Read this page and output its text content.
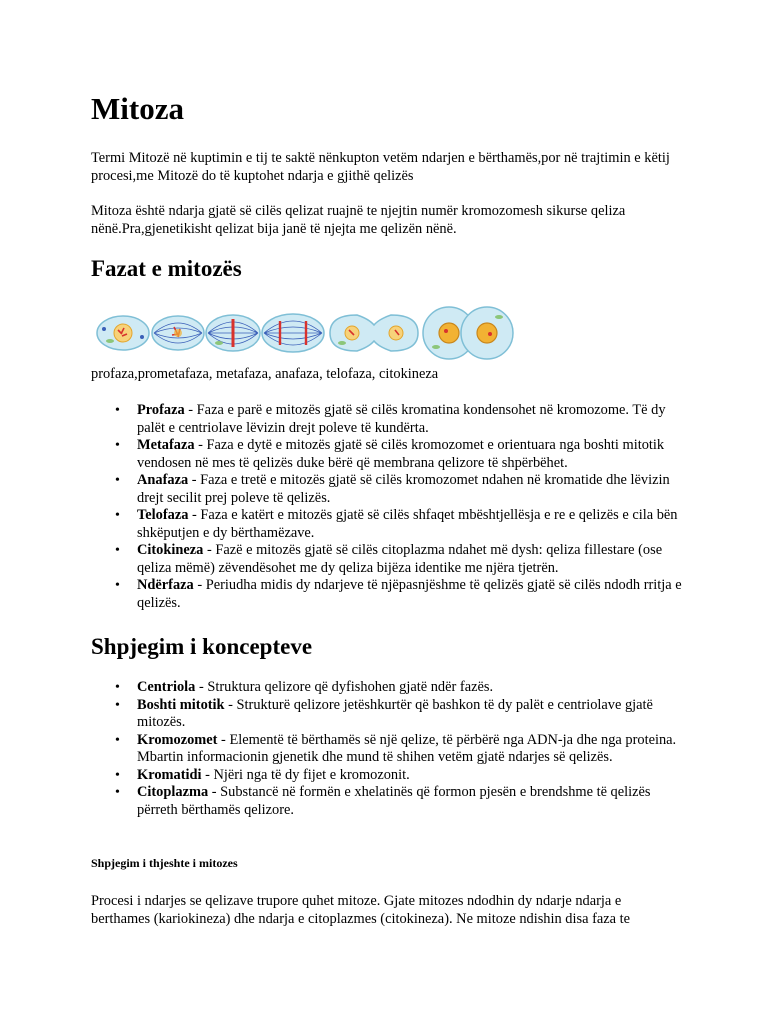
Mitoza

Termi Mitozë në kuptimin e tij te saktë nënkupton vetëm ndarjen e bërthamës,por në trajtimin e këtij procesi,me Mitozë do të kuptohet ndarja e gjithë qelizës

Mitoza është ndarja gjatë së cilës qelizat ruajnë te njejtin numër kromozomesh sikurse qeliza nënë.Pra,gjenetikisht qelizat bija janë të njejta me qelizën nënë.

Fazat e mitozës

profaza,prometafaza, metafaza, anafaza, telofaza, citokineza

• Profaza - Faza e parë e mitozës gjatë së cilës kromatina kondensohet në kromozome. Të dy palët e centriolave lëvizin drejt poleve të kundërta.
• Metafaza - Faza e dytë e mitozës gjatë së cilës kromozomet e orientuara nga boshti mitotik vendosen në mes të qelizës duke bërë që membrana qelizore të shpërbëhet.
• Anafaza - Faza e tretë e mitozës gjatë së cilës kromozomet ndahen në kromatide dhe lëvizin drejt secilit prej poleve të qelizës.
• Telofaza - Faza e katërt e mitozës gjatë së cilës shfaqet mbështjellësja e re e qelizës e cila bën shkëputjen e dy bërthamëzave.
• Citokineza - Fazë e mitozës gjatë së cilës citoplazma ndahet më dysh: qeliza fillestare (ose qeliza mëmë) zëvendësohet me dy qeliza bijëza identike me njëra tjetrën.
• Ndërfaza - Periudha midis dy ndarjeve të njëpasnjëshme të qelizës gjatë së cilës ndodh rritja e qelizës.
Shpjegim i koncepteve
• Centriola - Struktura qelizore që dyfishohen gjatë ndër fazës.
• Boshti mitotik - Strukturë qelizore jetëshkurtër që bashkon të dy palët e centriolave gjatë mitozës.
• Kromozomet - Elementë të bërthamës së një qelize, të përbërë nga ADN-ja dhe nga proteina. Mbartin informacionin gjenetik dhe mund të shihen vetëm gjatë ndarjes së qelizës.
• Kromatidi - Njëri nga të dy fijet e kromozonit.
• Citoplazma - Substancë në formën e xhelatinës që formon pjesën e brendshme të qelizës përreth bërthamës qelizore.
Shpjegim i thjeshte i mitozes

Procesi i ndarjes se qelizave trupore quhet mitoze. Gjate mitozes ndodhin dy ndarje ndarja e berthames (kariokineza) dhe ndarja e citoplazmes (citokineza). Ne mitoze ndishin disa faza te
